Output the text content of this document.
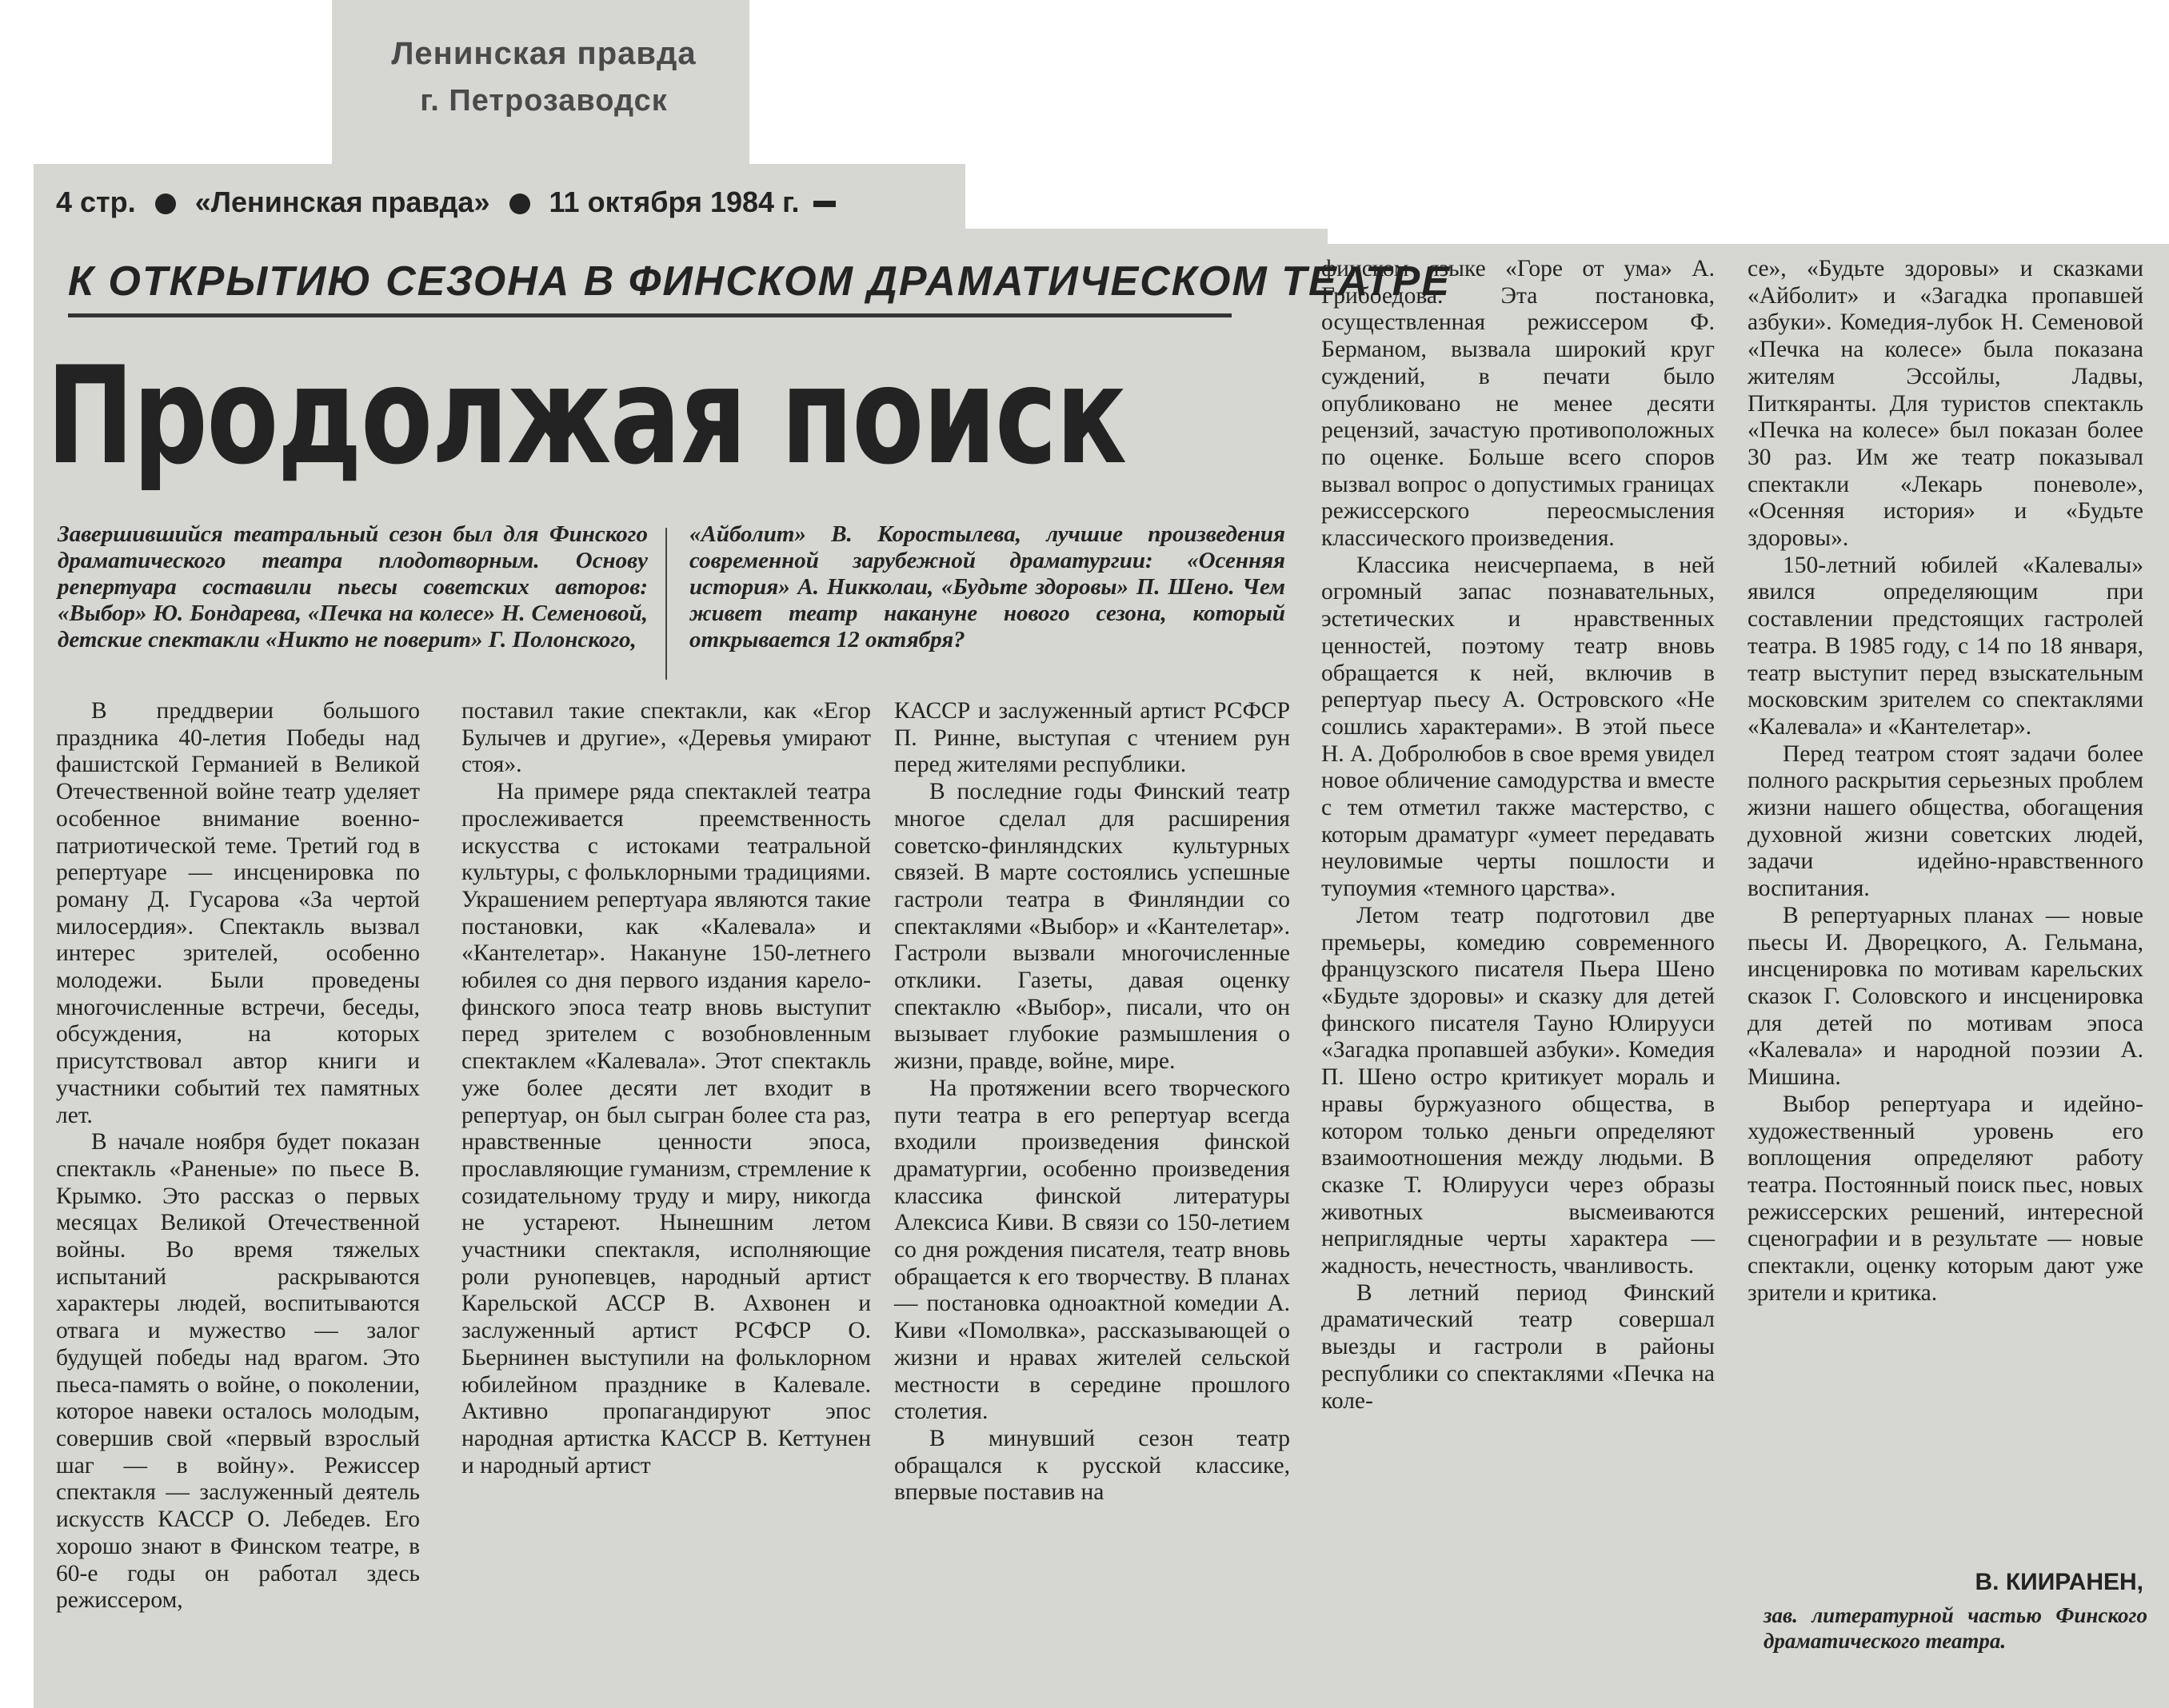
Ленинская правда
г. Петрозаводск
4 стр. «Ленинская правда» 11 октября 1984 г.
К ОТКРЫТИЮ СЕЗОНА В ФИНСКОМ ДРАМАТИЧЕСКОМ ТЕАТРЕ
Продолжая поиск
Завершившийся театральный сезон был для Финского драматического театра плодотворным. Основу репертуара составили пьесы советских авторов: «Выбор» Ю. Бондарева, «Печка на колесе» Н. Семеновой, детские спектакли «Никто не поверит» Г. Полонского,
«Айболит» В. Коростылева, лучшие произведения современной зарубежной драматургии: «Осенняя история» А. Никколаи, «Будьте здоровы» П. Шено. Чем живет театр накануне нового сезона, который открывается 12 октября?

В преддверии большого праздника 40-летия Победы над фашистской Германией в Великой Отечественной войне театр уделяет особенное внимание военно-патриотической теме. Третий год в репертуаре — инсценировка по роману Д. Гусарова «За чертой милосердия». Спектакль вызвал интерес зрителей, особенно молодежи. Были проведены многочисленные встречи, беседы, обсуждения, на которых присутствовал автор книги и участники событий тех памятных лет.

В начале ноября будет показан спектакль «Раненые» по пьесе В. Крымко. Это рассказ о первых месяцах Великой Отечественной войны. Во время тяжелых испытаний раскрываются характеры людей, воспитываются отвага и мужество — залог будущей победы над врагом. Это пьеса-память о войне, о поколении, которое навеки осталось молодым, совершив свой «первый взрослый шаг — в войну». Режиссер спектакля — заслуженный деятель искусств КАССР О. Лебедев. Его хорошо знают в Финском театре, в 60-е годы он работал здесь режиссером,

поставил такие спектакли, как «Егор Булычев и другие», «Деревья умирают стоя».

На примере ряда спектаклей театра прослеживается преемственность искусства с истоками театральной культуры, с фольклорными традициями. Украшением репертуара являются такие постановки, как «Калевала» и «Кантелетар». Накануне 150-летнего юбилея со дня первого издания карело-финского эпоса театр вновь выступит перед зрителем с возобновленным спектаклем «Калевала». Этот спектакль уже более десяти лет входит в репертуар, он был сыгран более ста раз, нравственные ценности эпоса, прославляющие гуманизм, стремление к созидательному труду и миру, никогда не устареют. Нынешним летом участники спектакля, исполняющие роли рунопевцев, народный артист Карельской АССР В. Ахвонен и заслуженный артист РСФСР О. Бьернинен выступили на фольклорном юбилейном празднике в Калевале. Активно пропагандируют эпос народная артистка КАССР В. Кеттунен и народный артист

КАССР и заслуженный артист РСФСР П. Ринне, выступая с чтением рун перед жителями республики.

В последние годы Финский театр многое сделал для расширения советско-финляндских культурных связей. В марте состоялись успешные гастроли театра в Финляндии со спектаклями «Выбор» и «Кантелетар». Гастроли вызвали многочисленные отклики. Газеты, давая оценку спектаклю «Выбор», писали, что он вызывает глубокие размышления о жизни, правде, войне, мире.

На протяжении всего творческого пути театра в его репертуар всегда входили произведения финской драматургии, особенно произведения классика финской литературы Алексиса Киви. В связи со 150-летием со дня рождения писателя, театр вновь обращается к его творчеству. В планах — постановка одноактной комедии А. Киви «Помолвка», рассказывающей о жизни и нравах жителей сельской местности в середине прошлого столетия.

В минувший сезон театр обращался к русской классике, впервые поставив на

финском языке «Горе от ума» А. Грибоедова. Эта постановка, осуществленная режиссером Ф. Берманом, вызвала широкий круг суждений, в печати было опубликовано не менее десяти рецензий, зачастую противоположных по оценке. Больше всего споров вызвал вопрос о допустимых границах режиссерского переосмысления классического произведения.

Классика неисчерпаема, в ней огромный запас познавательных, эстетических и нравственных ценностей, поэтому театр вновь обращается к ней, включив в репертуар пьесу А. Островского «Не сошлись характерами». В этой пьесе Н. А. Добролюбов в свое время увидел новое обличение самодурства и вместе с тем отметил также мастерство, с которым драматург «умеет передавать неуловимые черты пошлости и тупоумия «темного царства».

Летом театр подготовил две премьеры, комедию современного французского писателя Пьера Шено «Будьте здоровы» и сказку для детей финского писателя Тауно Юлирууси «Загадка пропавшей азбуки». Комедия П. Шено остро критикует мораль и нравы буржуазного общества, в котором только деньги определяют взаимоотношения между людьми. В сказке Т. Юлирууси через образы животных высмеиваются неприглядные черты характера — жадность, нечестность, чванливость.

В летний период Финский драматический театр совершал выезды и гастроли в районы республики со спектаклями «Печка на коле-

се», «Будьте здоровы» и сказками «Айболит» и «Загадка пропавшей азбуки». Комедия-лубок Н. Семеновой «Печка на колесе» была показана жителям Эссойлы, Ладвы, Питкяранты. Для туристов спектакль «Печка на колесе» был показан более 30 раз. Им же театр показывал спектакли «Лекарь поневоле», «Осенняя история» и «Будьте здоровы».

150-летний юбилей «Калевалы» явился определяющим при составлении предстоящих гастролей театра. В 1985 году, с 14 по 18 января, театр выступит перед взыскательным московским зрителем со спектаклями «Калевала» и «Кантелетар».

Перед театром стоят задачи более полного раскрытия серьезных проблем жизни нашего общества, обогащения духовной жизни советских людей, задачи идейно-нравственного воспитания.

В репертуарных планах — новые пьесы И. Дворецкого, А. Гельмана, инсценировка по мотивам карельских сказок Г. Соловского и инсценировка для детей по мотивам эпоса «Калевала» и народной поэзии А. Мишина.

Выбор репертуара и идейно-художественный уровень его воплощения определяют работу театра. Постоянный поиск пьес, новых режиссерских решений, интересной сценографии и в результате — новые спектакли, оценку которым дают уже зрители и критика.

В. КИИРАНЕН,
зав. литературной частью Финского драматического театра.
